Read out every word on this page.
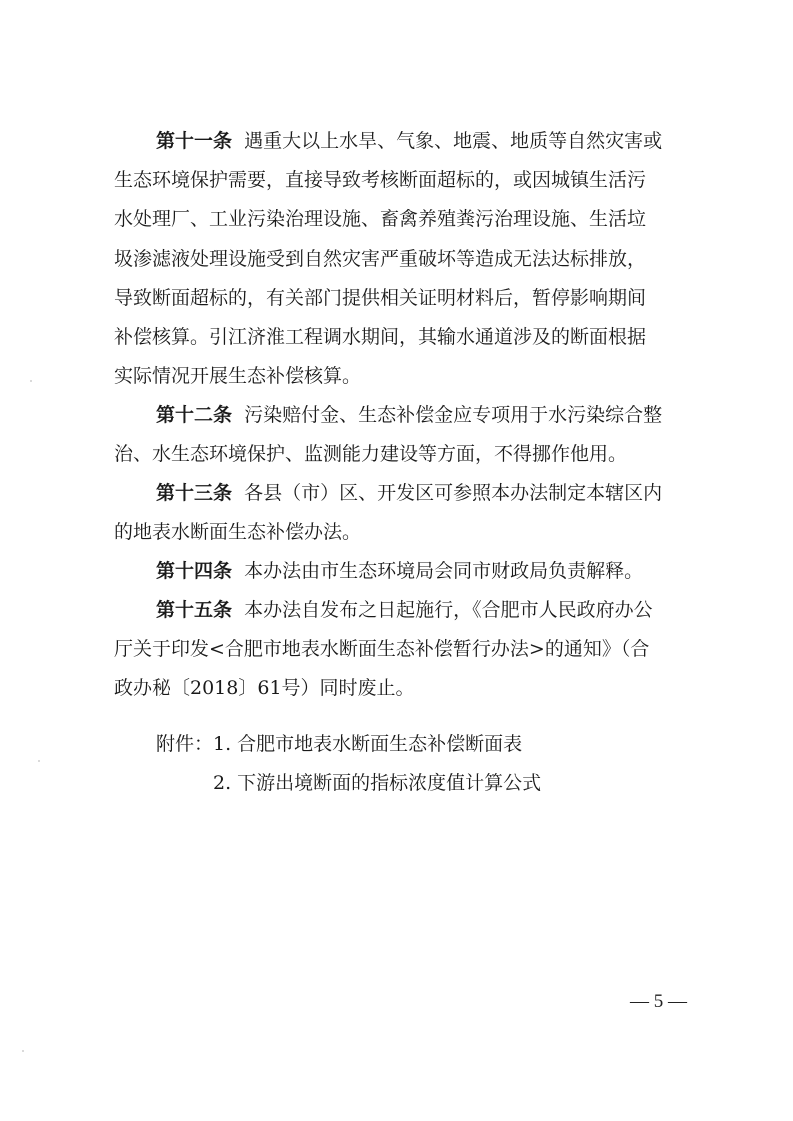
第十一条 遇重大以上水旱、气象、地震、地质等自然灾害或
生态环境保护需要，直接导致考核断面超标的，或因城镇生活污
水处理厂、工业污染治理设施、畜禽养殖粪污治理设施、生活垃
圾渗滤液处理设施受到自然灾害严重破坏等造成无法达标排放，
导致断面超标的，有关部门提供相关证明材料后，暂停影响期间
补偿核算。引江济淮工程调水期间，其输水通道涉及的断面根据
实际情况开展生态补偿核算。
第十二条 污染赔付金、生态补偿金应专项用于水污染综合整
治、水生态环境保护、监测能力建设等方面，不得挪作他用。
第十三条 各县（市）区、开发区可参照本办法制定本辖区内
的地表水断面生态补偿办法。
第十四条 本办法由市生态环境局会同市财政局负责解释。
第十五条 本办法自发布之日起施行，《合肥市人民政府办公
厅关于印发<合肥市地表水断面生态补偿暂行办法>的通知》（合
政办秘〔2018〕61号）同时废止。
附件： 1. 合肥市地表水断面生态补偿断面表
2. 下游出境断面的指标浓度值计算公式
— 5 —
